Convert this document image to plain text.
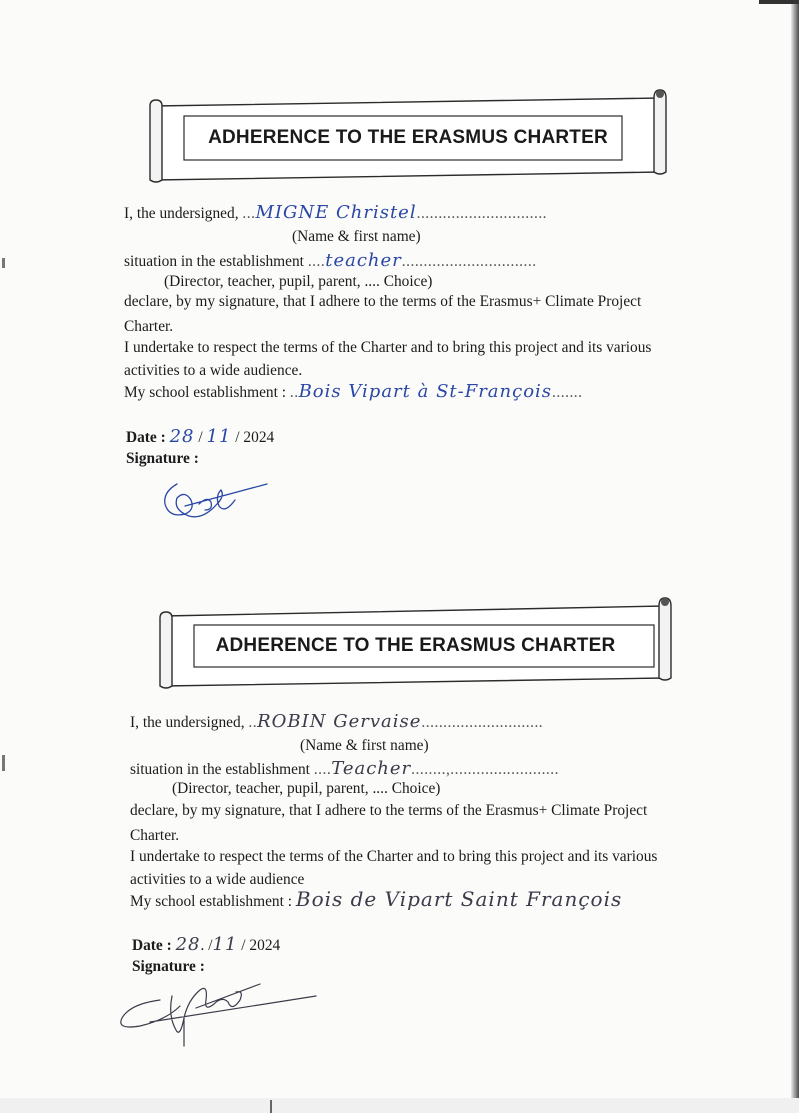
ADHERENCE TO THE ERASMUS CHARTER
I, the undersigned, ...MIGNE Christel..............................
(Name & first name)
situation in the establishment ....teacher...............................
(Director, teacher, pupil, parent, .... Choice)
declare, by my signature, that I adhere to the terms of the Erasmus+ Climate Project
Charter.
I undertake to respect the terms of the Charter and to bring this project and its various
activities to a wide audience.
My school establishment : ..Bois Vipart à St-François.......
Date : 28 / 11 / 2024
Signature :
ADHERENCE TO THE ERASMUS CHARTER
I, the undersigned, ..ROBIN Gervaise............................
(Name & first name)
situation in the establishment ....Teacher........,.........................
(Director, teacher, pupil, parent, .... Choice)
declare, by my signature, that I adhere to the terms of the Erasmus+ Climate Project
Charter.
I undertake to respect the terms of the Charter and to bring this project and its various
activities to a wide audience
My school establishment : Bois de Vipart Saint François
Date : 28. /11 / 2024
Signature :
